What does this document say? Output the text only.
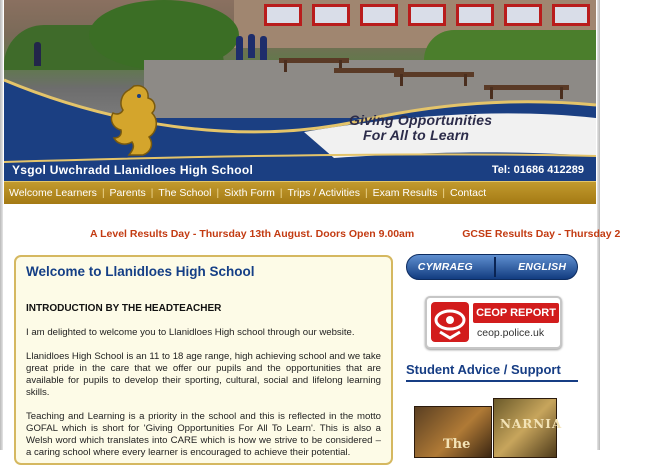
Giving Opportunities
For All to Learn
Ysgol Uwchradd Llanidloes High School	Tel: 01686 412289
Welcome Learners | Parents | The School | Sixth Form | Trips / Activities | Exam Results | Contact
A Level Results Day - Thursday 13th August. Doors Open 9.00am	GCSE Results Day - Thursday 2
Welcome to Llanidloes High School
INTRODUCTION BY THE HEADTEACHER

I am delighted to welcome you to Llanidloes High school through our website.

Llanidloes High School is an 11 to 18 age range, high achieving school and we take great pride in the care that we offer our pupils and the opportunities that are available for pupils to develop their sporting, cultural, social and lifelong learning skills.

Teaching and Learning is a priority in the school and this is reflected in the motto GOFAL which is short for 'Giving Opportunities For All To Learn'. This is also a Welsh word which translates into CARE which is how we strive to be considered – a caring school where every learner is encouraged to achieve their potential.

CYMRAEG	ENGLISH
CEOP REPORT
ceop.police.uk
Student Advice / Support
The
NARNIA
